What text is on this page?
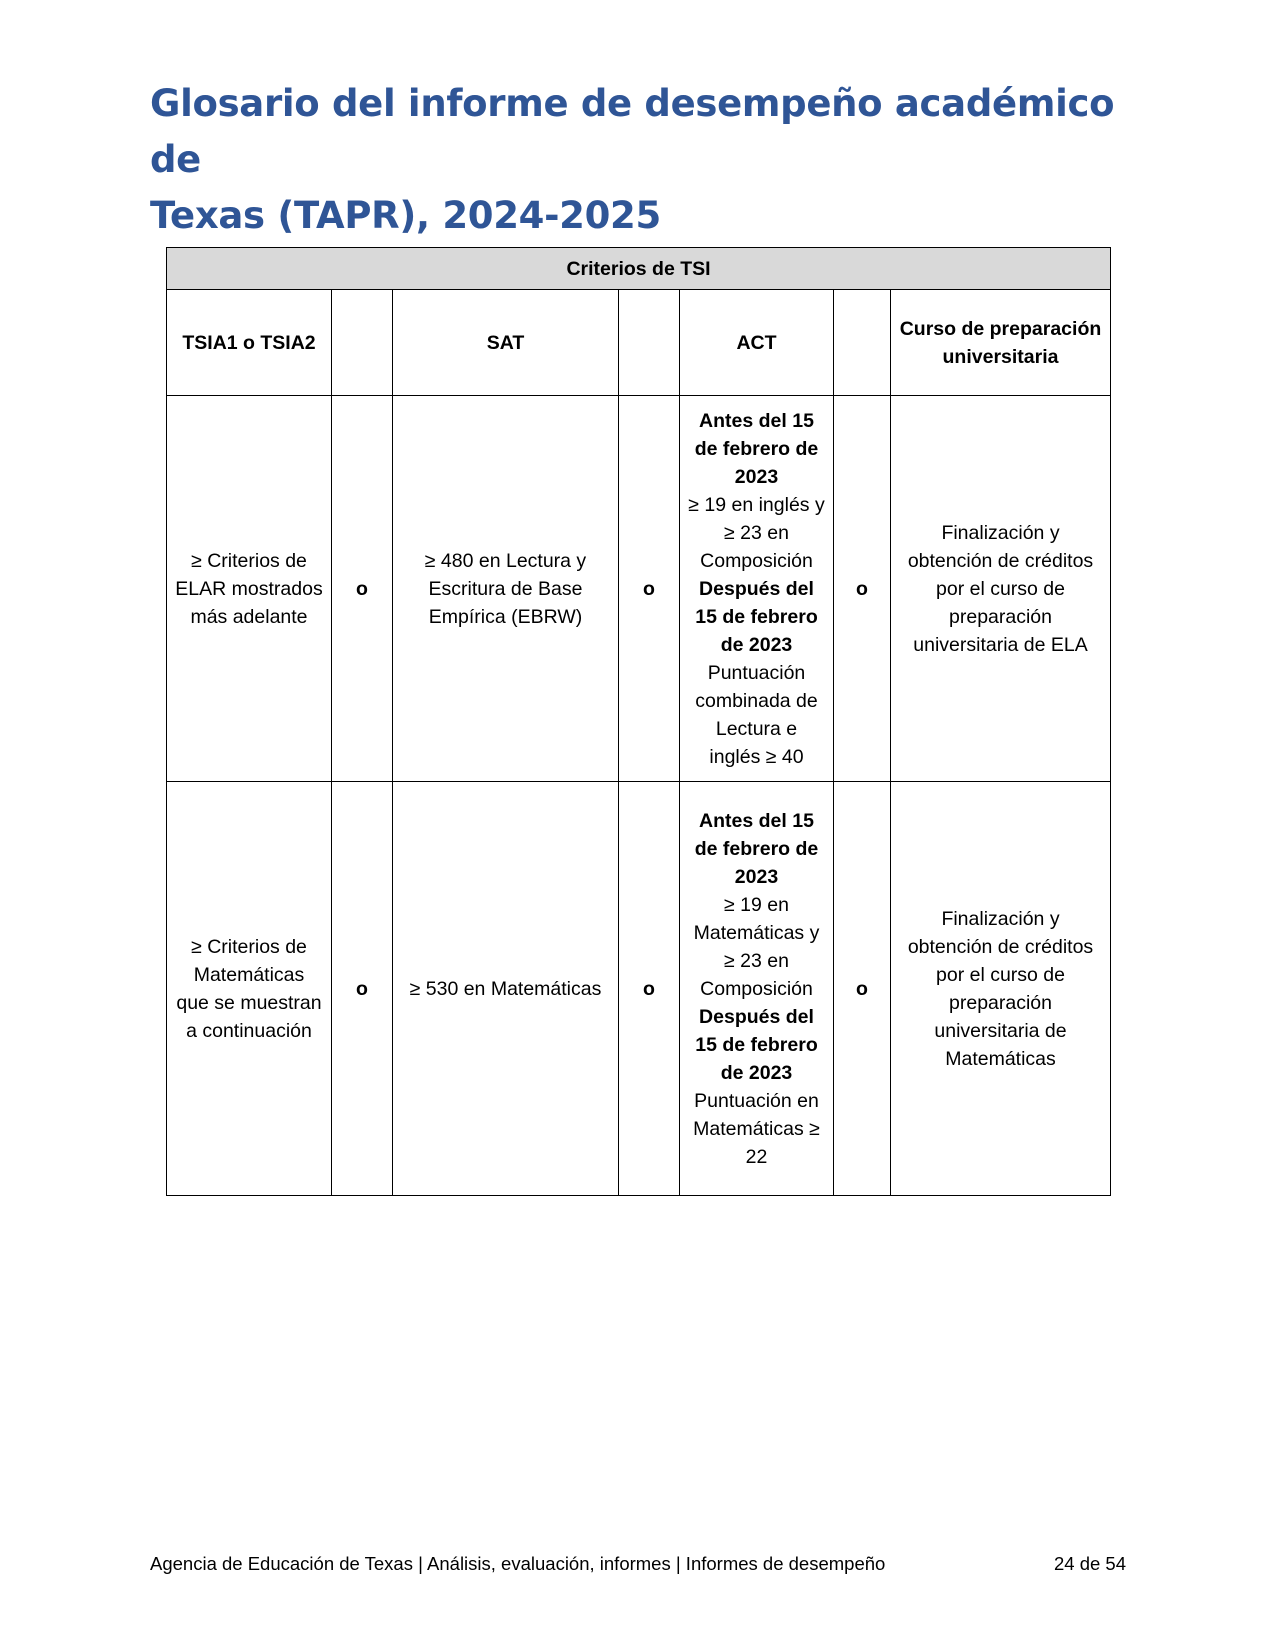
Glosario del informe de desempeño académico de
Texas (TAPR), 2024-2025
Criterios de TSI						
TSIA1 o TSIA2		SAT		ACT		Curso de preparación universitaria
≥ Criterios de ELAR mostrados más adelante	o	≥ 480 en Lectura y Escritura de Base Empírica (EBRW)	o	Antes del 15 de febrero de 2023
≥ 19 en inglés y ≥ 23 en Composición
Después del 15 de febrero de 2023
Puntuación combinada de Lectura e inglés ≥ 40	o	Finalización y obtención de créditos por el curso de preparación universitaria de ELA
≥ Criterios de Matemáticas que se muestran a continuación	o	≥ 530 en Matemáticas	o	Antes del 15 de febrero de 2023
≥ 19 en Matemáticas y ≥ 23 en Composición
Después del 15 de febrero de 2023
Puntuación en Matemáticas ≥ 22	o	Finalización y obtención de créditos por el curso de preparación universitaria de Matemáticas
Agencia de Educación de Texas | Análisis, evaluación, informes | Informes de desempeño	24 de 54
